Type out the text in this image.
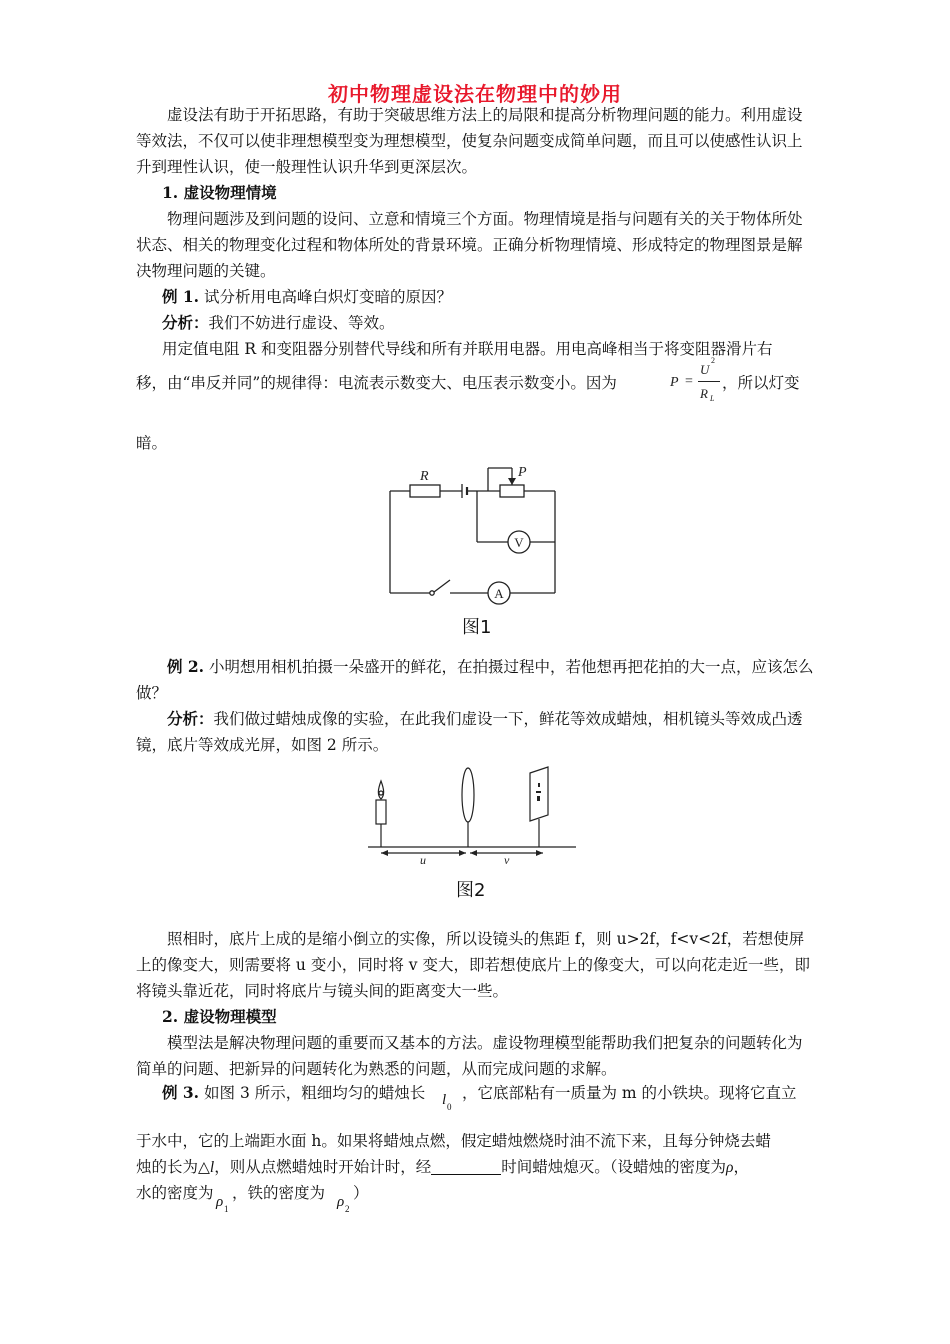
初中物理虚设法在物理中的妙用
虚设法有助于开拓思路，有助于突破思维方法上的局限和提高分析物理问题的能力。利用虚设等效法，不仅可以使非理想模型变为理想模型，使复杂问题变成简单问题，而且可以使感性认识上升到理性认识，使一般理性认识升华到更深层次。
1. 虚设物理情境
物理问题涉及到问题的设问、立意和情境三个方面。物理情境是指与问题有关的关于物体所处状态、相关的物理变化过程和物体所处的背景环境。正确分析物理情境、形成特定的物理图景是解决物理问题的关键。
例 1. 试分析用电高峰白炽灯变暗的原因？
分析：我们不妨进行虚设、等效。
用定值电阻 R 和变阻器分别替代导线和所有并联用电器。用电高峰相当于将变阻器滑片右
移，由“串反并同”的规律得：电流表示数变大、电压表示数变小。因为	P =
U
2
R L
，所以灯变
暗。
R	P
V
A
图1
例 2. 小明想用相机拍摄一朵盛开的鲜花，在拍摄过程中，若他想再把花拍的大一点，应该怎么做？
分析：我们做过蜡烛成像的实验，在此我们虚设一下，鲜花等效成蜡烛，相机镜头等效成凸透镜，底片等效成光屏，如图 2 所示。
u	v
图2
照相时，底片上成的是缩小倒立的实像，所以设镜头的焦距 f，则 u>2f，f<v<2f，若想使屏上的像变大，则需要将 u 变小，同时将 v 变大，即若想使底片上的像变大，可以向花走近一些，即将镜头靠近花，同时将底片与镜头间的距离变大一些。
2. 虚设物理模型
模型法是解决物理问题的重要而又基本的方法。虚设物理模型能帮助我们把复杂的问题转化为简单的问题、把新异的问题转化为熟悉的问题，从而完成问题的求解。
例 3. 如图 3 所示，粗细均匀的蜡烛长 l 0
，它底部粘有一质量为 m 的小铁块。现将它直立
于水中，它的上端距水面 h。如果将蜡烛点燃，假定蜡烛燃烧时油不流下来，且每分钟烧去蜡
烛的长为△l，则从点燃蜡烛时开始计时，经	时间蜡烛熄灭。（设蜡烛的密度为ρ，
水的密度为 ρ 1
，铁的密度为 ρ 2
）
